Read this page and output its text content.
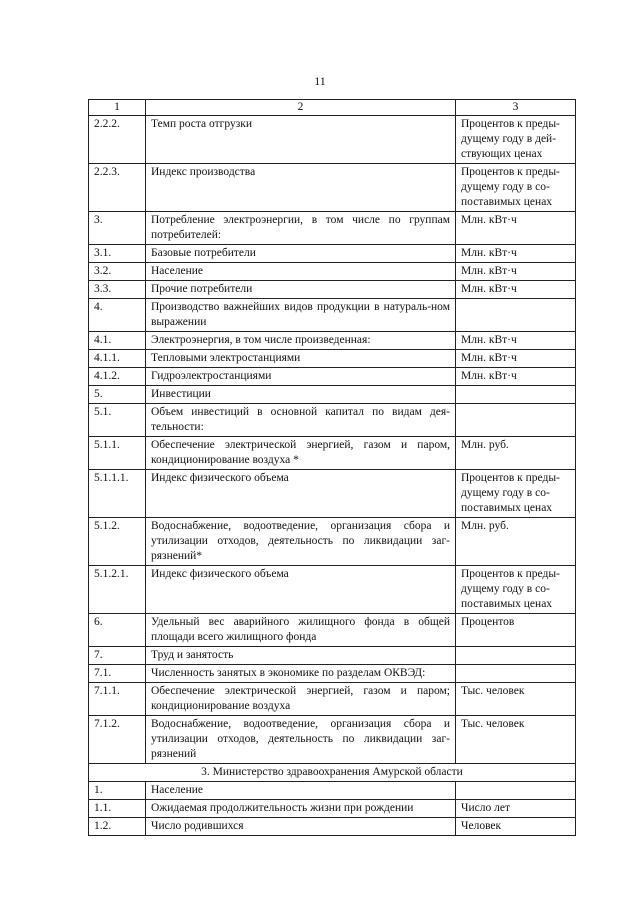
11
1	2	3
2.2.2.	Темп роста отгрузки	Процентов к преды-дущему году в дей-ствующих ценах
2.2.3.	Индекс производства	Процентов к преды-дущему году в со-поставимых ценах
3.	Потребление электроэнергии, в том числе по группам потребителей:	Млн. кВт·ч
3.1.	Базовые потребители	Млн. кВт·ч
3.2.	Население	Млн. кВт·ч
3.3.	Прочие потребители	Млн. кВт·ч
4.	Производство важнейших видов продукции в натураль-ном выражении	
4.1.	Электроэнергия, в том числе произведенная:	Млн. кВт·ч
4.1.1.	Тепловыми электростанциями	Млн. кВт·ч
4.1.2.	Гидроэлектростанциями	Млн. кВт·ч
5.	Инвестиции	
5.1.	Объем инвестиций в основной капитал по видам дея-тельности:	
5.1.1.	Обеспечение электрической энергией, газом и паром, кондиционирование воздуха *	Млн. руб.
5.1.1.1.	Индекс физического объема	Процентов к преды-дущему году в со-поставимых ценах
5.1.2.	Водоснабжение, водоотведение, организация сбора и утилизации отходов, деятельность по ликвидации заг-рязнений*	Млн. руб.
5.1.2.1.	Индекс физического объема	Процентов к преды-дущему году в со-поставимых ценах
6.	Удельный вес аварийного жилищного фонда в общей площади всего жилищного фонда	Процентов
7.	Труд и занятость	
7.1.	Численность занятых в экономике по разделам ОКВЭД:	
7.1.1.	Обеспечение электрической энергией, газом и паром; кондиционирование воздуха	Тыс. человек
7.1.2.	Водоснабжение, водоотведение, организация сбора и утилизации отходов, деятельность по ликвидации заг-рязнений	Тыс. человек
3. Министерство здравоохранения Амурской области		
1.	Население	
1.1.	Ожидаемая продолжительность жизни при рождении	Число лет
1.2.	Число родившихся	Человек
